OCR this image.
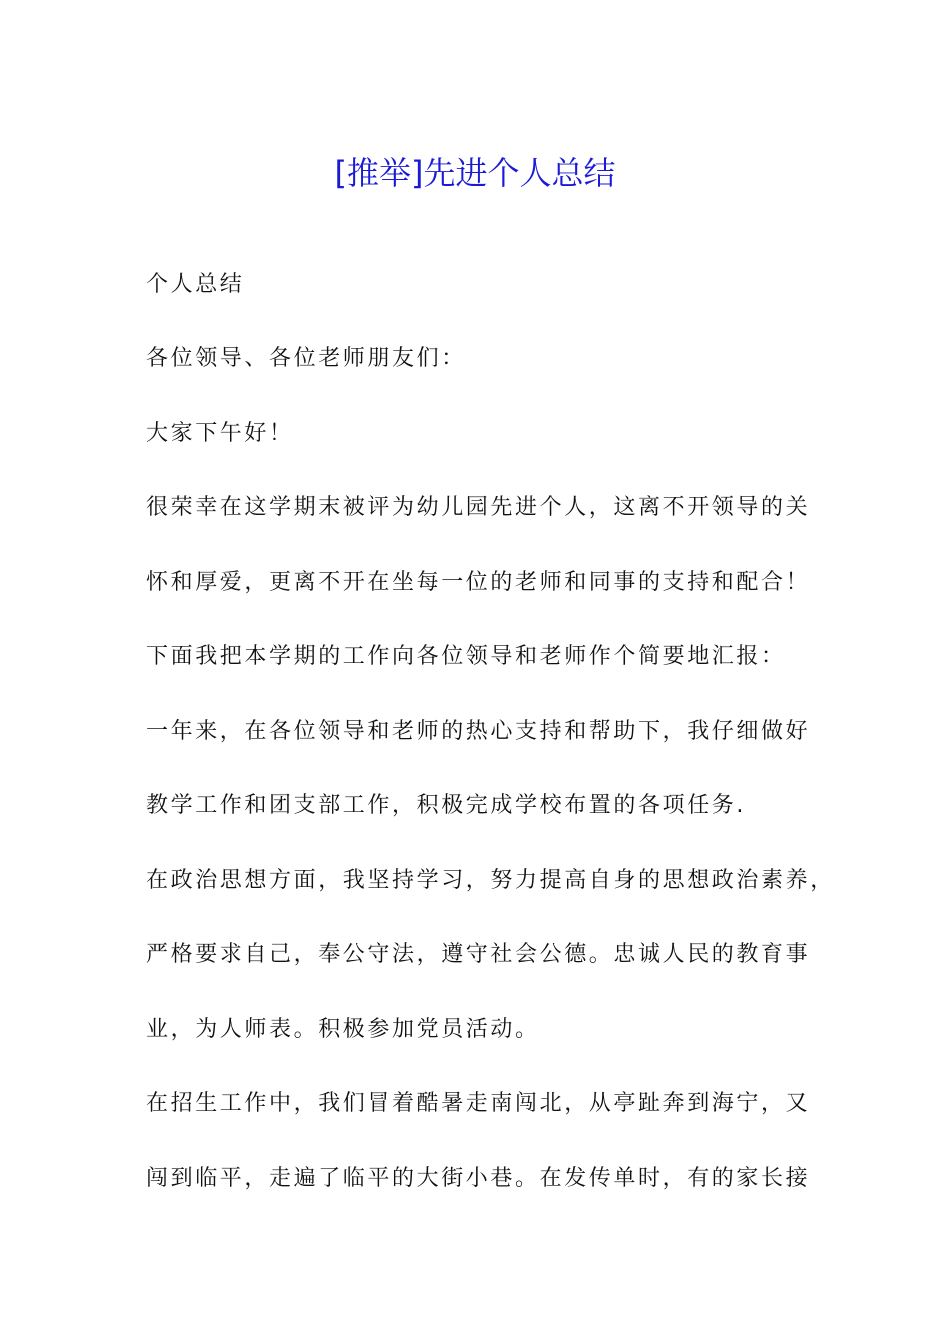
[推举]先进个人总结
个人总结
各位领导、各位老师朋友们：
大家下午好！
很荣幸在这学期末被评为幼儿园先进个人，这离不开领导的关
怀和厚爱，更离不开在坐每一位的老师和同事的支持和配合！
下面我把本学期的工作向各位领导和老师作个简要地汇报：
一年来，在各位领导和老师的热心支持和帮助下，我仔细做好
教学工作和团支部工作，积极完成学校布置的各项任务.
在政治思想方面，我坚持学习，努力提高自身的思想政治素养，
严格要求自己，奉公守法，遵守社会公德。忠诚人民的教育事
业，为人师表。积极参加党员活动。
在招生工作中，我们冒着酷暑走南闯北，从亭趾奔到海宁，又
闯到临平，走遍了临平的大街小巷。在发传单时，有的家长接
